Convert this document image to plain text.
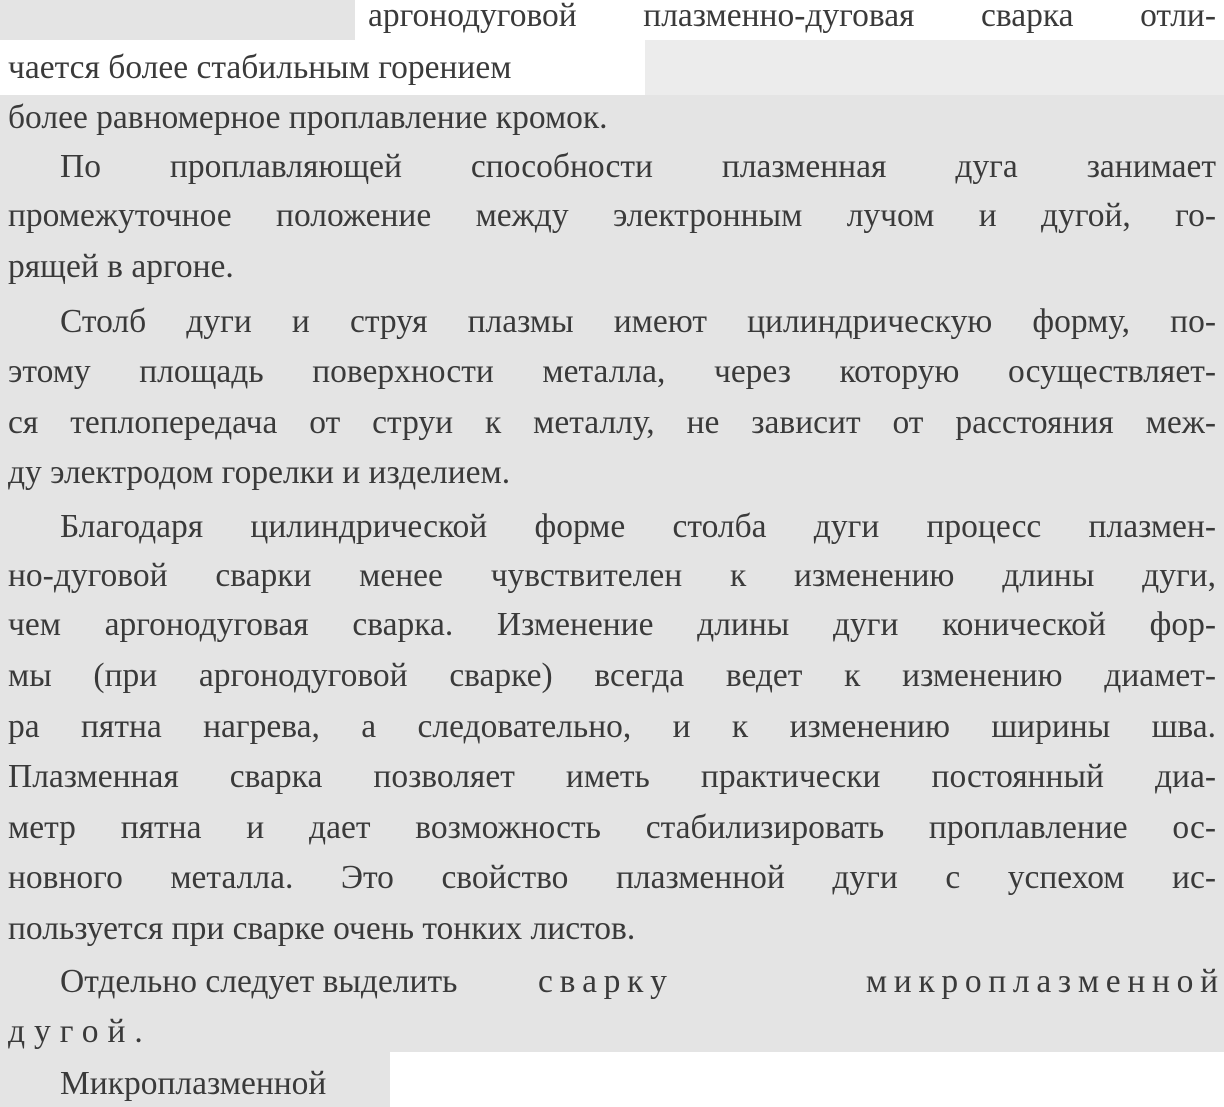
аргонодуговой плазменно-дуговая сварка отли-
чается более стабильным горением
более равномерное проплавление кромок.
По проплавляющей способности плазменная дуга занимает
промежуточное положение между электронным лучом и дугой, го-
рящей в аргоне.
Столб дуги и струя плазмы имеют цилиндрическую форму, по-
этому площадь поверхности металла, через которую осуществляет-
ся теплопередача от струи к металлу, не зависит от расстояния меж-
ду электродом горелки и изделием.
Благодаря цилиндрической форме столба дуги процесс плазмен-
но-дуговой сварки менее чувствителен к изменению длины дуги,
чем аргонодуговая сварка. Изменение длины дуги конической фор-
мы (при аргонодуговой сварке) всегда ведет к изменению диамет-
ра пятна нагрева, а следовательно, и к изменению ширины шва.
Плазменная сварка позволяет иметь практически постоянный диа-
метр пятна и дает возможность стабилизировать проплавление ос-
новного металла. Это свойство плазменной дуги с успехом ис-
пользуется при сварке очень тонких листов.
Отдельно следует выделить с в а р к у   м и к р о п л а з м е н н о й
дугой.
Микроплазменной
